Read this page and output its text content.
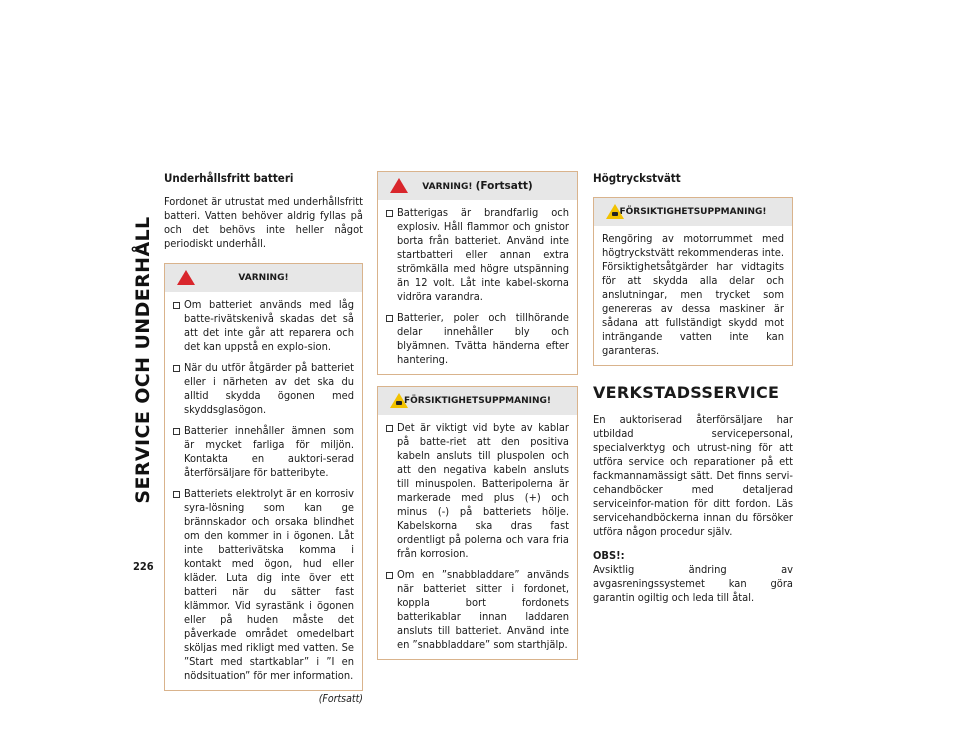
SERVICE OCH UNDERHÅLL
226
Underhållsfritt batteri
Fordonet är utrustat med underhållsfritt batteri. Vatten behöver aldrig fyllas på och det behövs inte heller något periodiskt underhåll.
VARNING!
Om batteriet används med låg batte-rivätskenivå skadas det så att det inte går att reparera och det kan uppstå en explo-sion.
När du utför åtgärder på batteriet eller i närheten av det ska du alltid skydda ögonen med skyddsglasögon.
Batterier innehåller ämnen som är mycket farliga för miljön. Kontakta en auktori-serad återförsäljare för batteribyte.
Batteriets elektrolyt är en korrosiv syra-lösning som kan ge brännskador och orsaka blindhet om den kommer in i ögonen. Låt inte batterivätska komma i kontakt med ögon, hud eller kläder. Luta dig inte över ett batteri när du sätter fast klämmor. Vid syrastänk i ögonen eller på huden måste det påverkade området omedelbart sköljas med rikligt med vatten. Se ”Start med startkablar” i ”I en nödsituation” för mer information.
(Fortsatt)
VARNING! (Fortsatt)
Batterigas är brandfarlig och explosiv. Håll flammor och gnistor borta från batteriet. Använd inte startbatteri eller annan extra strömkälla med högre utspänning än 12 volt. Låt inte kabel-skorna vidröra varandra.
Batterier, poler och tillhörande delar innehåller bly och blyämnen. Tvätta händerna efter hantering.
FÖRSIKTIGHETSUPPMANING!
Det är viktigt vid byte av kablar på batte-riet att den positiva kabeln ansluts till pluspolen och att den negativa kabeln ansluts till minuspolen. Batteripolerna är markerade med plus (+) och minus (-) på batteriets hölje. Kabelskorna ska dras fast ordentligt på polerna och vara fria från korrosion.
Om en ”snabbladdare” används när batteriet sitter i fordonet, koppla bort fordonets batterikablar innan laddaren ansluts till batteriet. Använd inte en ”snabbladdare” som starthjälp.
Högtryckstvätt
FÖRSIKTIGHETSUPPMANING!
Rengöring av motorrummet med högtryckstvätt rekommenderas inte. Försiktighetsåtgärder har vidtagits för att skydda alla delar och anslutningar, men trycket som genereras av dessa maskiner är sådana att fullständigt skydd mot inträngande vatten inte kan garanteras.
VERKSTADSSERVICE
En auktoriserad återförsäljare har utbildad servicepersonal, specialverktyg och utrust-ning för att utföra service och reparationer på ett fackmannamässigt sätt. Det finns servi-cehandböcker med detaljerad serviceinfor-mation för ditt fordon. Läs servicehandböckerna innan du försöker utföra någon procedur själv.
OBS!:
Avsiktlig ändring av avgasreningssystemet kan göra garantin ogiltig och leda till åtal.
